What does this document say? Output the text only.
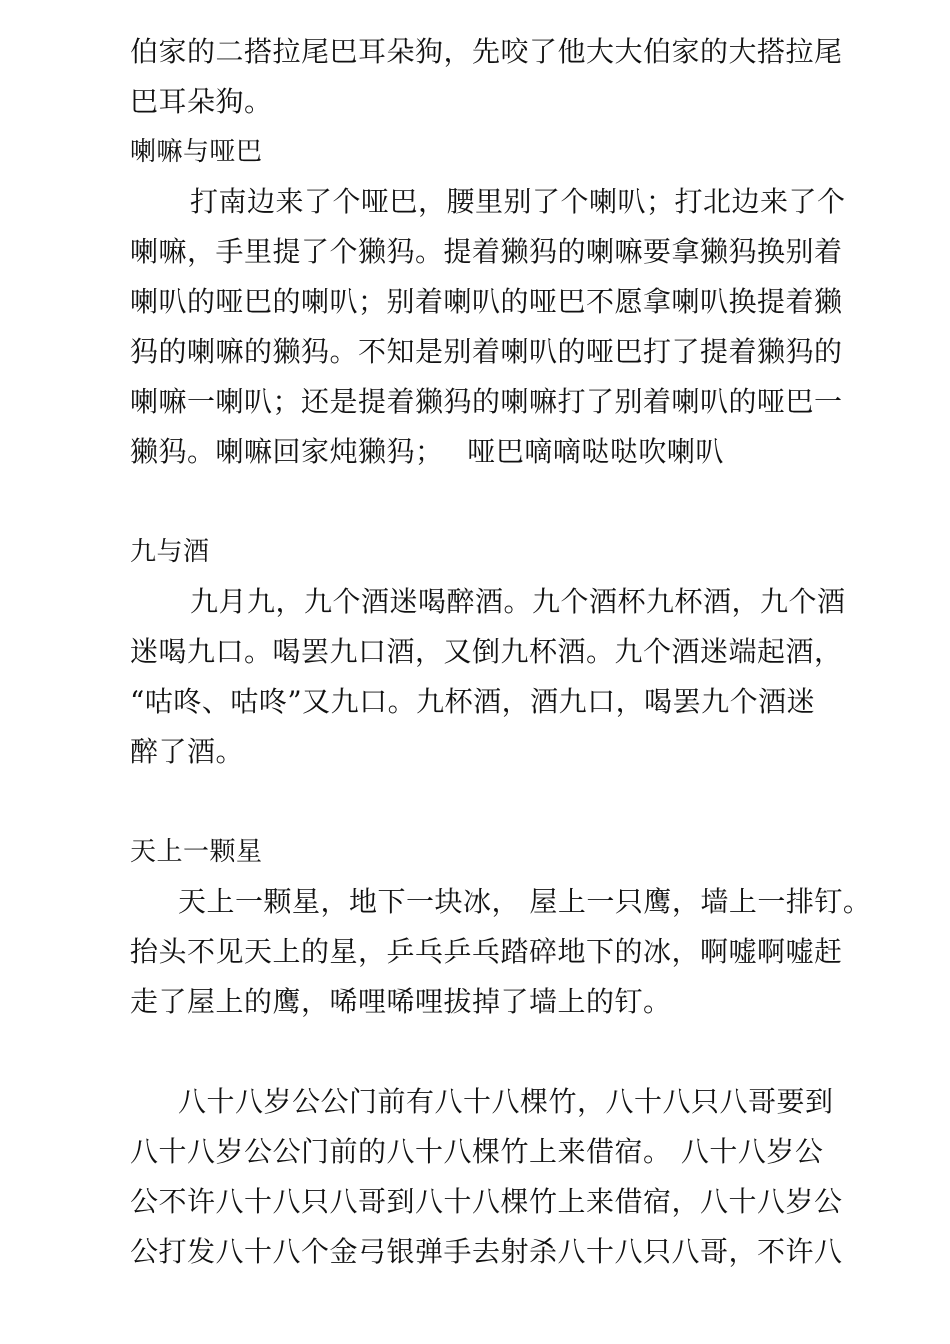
伯家的二搭拉尾巴耳朵狗，先咬了他大大伯家的大搭拉尾
巴耳朵狗。
喇嘛与哑巴
打南边来了个哑巴，腰里别了个喇叭；打北边来了个
喇嘛，手里提了个獭犸。提着獭犸的喇嘛要拿獭犸换别着
喇叭的哑巴的喇叭；别着喇叭的哑巴不愿拿喇叭换提着獭
犸的喇嘛的獭犸。不知是别着喇叭的哑巴打了提着獭犸的
喇嘛一喇叭；还是提着獭犸的喇嘛打了别着喇叭的哑巴一
獭犸。喇嘛回家炖獭犸；　 哑巴嘀嘀哒哒吹喇叭
九与酒
九月九，九个酒迷喝醉酒。九个酒杯九杯酒，九个酒
迷喝九口。喝罢九口酒，又倒九杯酒。九个酒迷端起酒，
“咕咚、咕咚”又九口。九杯酒，酒九口，喝罢九个酒迷
醉了酒。
天上一颗星
天上一颗星，地下一块冰， 屋上一只鹰，墙上一排钉。
抬头不见天上的星，乒乓乒乓踏碎地下的冰，啊嘘啊嘘赶
走了屋上的鹰，唏哩唏哩拔掉了墙上的钉。
八十八岁公公门前有八十八棵竹，八十八只八哥要到
八十八岁公公门前的八十八棵竹上来借宿。 八十八岁公
公不许八十八只八哥到八十八棵竹上来借宿，八十八岁公
公打发八十八个金弓银弹手去射杀八十八只八哥，不许八
